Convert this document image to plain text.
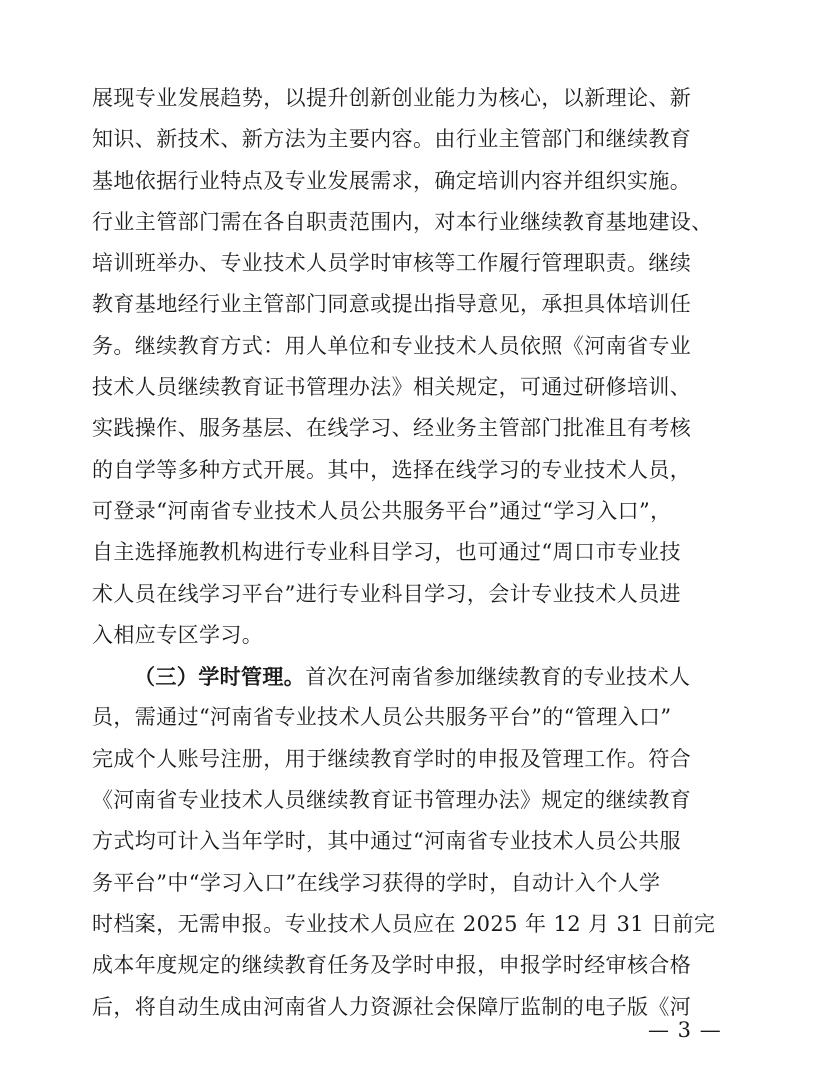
展现专业发展趋势，以提升创新创业能力为核心，以新理论、新
知识、新技术、新方法为主要内容。由行业主管部门和继续教育
基地依据行业特点及专业发展需求，确定培训内容并组织实施。
行业主管部门需在各自职责范围内，对本行业继续教育基地建设、
培训班举办、专业技术人员学时审核等工作履行管理职责。继续
教育基地经行业主管部门同意或提出指导意见，承担具体培训任
务。继续教育方式：用人单位和专业技术人员依照《河南省专业
技术人员继续教育证书管理办法》相关规定，可通过研修培训、
实践操作、服务基层、在线学习、经业务主管部门批准且有考核
的自学等多种方式开展。其中，选择在线学习的专业技术人员，
可登录“河南省专业技术人员公共服务平台”通过“学习入口”，
自主选择施教机构进行专业科目学习，也可通过“周口市专业技
术人员在线学习平台”进行专业科目学习，会计专业技术人员进
入相应专区学习。
（三）学时管理。首次在河南省参加继续教育的专业技术人
员，需通过“河南省专业技术人员公共服务平台”的“管理入口”
完成个人账号注册，用于继续教育学时的申报及管理工作。符合
《河南省专业技术人员继续教育证书管理办法》规定的继续教育
方式均可计入当年学时，其中通过“河南省专业技术人员公共服
务平台”中“学习入口”在线学习获得的学时，自动计入个人学
时档案，无需申报。专业技术人员应在 2025 年 12 月 31 日前完
成本年度规定的继续教育任务及学时申报，申报学时经审核合格
后，将自动生成由河南省人力资源社会保障厅监制的电子版《河
— 3 —
